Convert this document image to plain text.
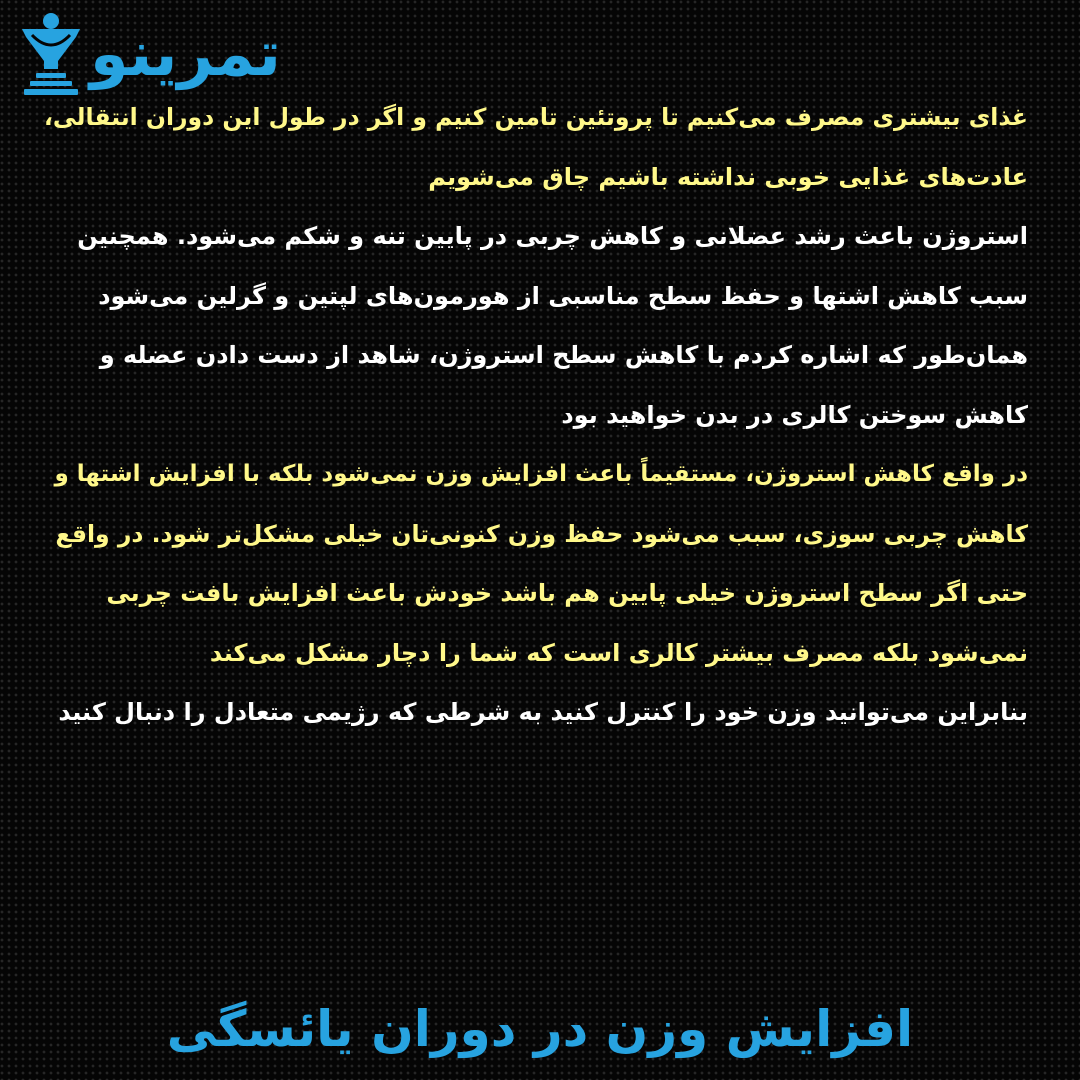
تمرینو
غذای بیشتری مصرف می‌کنیم تا پروتئین تامین کنیم و اگر در طول این دوران انتقالی،
عادت‌های غذایی خوبی نداشته باشیم چاق می‌شویم
استروژن باعث رشد عضلانی و کاهش چربی در پایین تنه و شکم می‌شود. همچنین
سبب کاهش اشتها و حفظ سطح مناسبی از هورمون‌های لپتین و گرلین می‌شود
همان‌طور که اشاره کردم با کاهش سطح استروژن، شاهد از دست دادن عضله و
کاهش سوختن کالری در بدن خواهید بود
در واقع کاهش استروژن، مستقیماً باعث افزایش وزن نمی‌شود بلکه با افزایش اشتها و
کاهش چربی سوزی، سبب می‌شود حفظ وزن کنونی‌تان خیلی مشکل‌تر شود. در واقع
حتی اگر سطح استروژن خیلی پایین هم باشد خودش باعث افزایش بافت چربی
نمی‌شود بلکه مصرف بیشتر کالری است که شما را دچار مشکل می‌کند
بنابراین می‌توانید وزن خود را کنترل کنید به شرطی که رژیمی متعادل را دنبال کنید
افزایش وزن در دوران یائسگی
